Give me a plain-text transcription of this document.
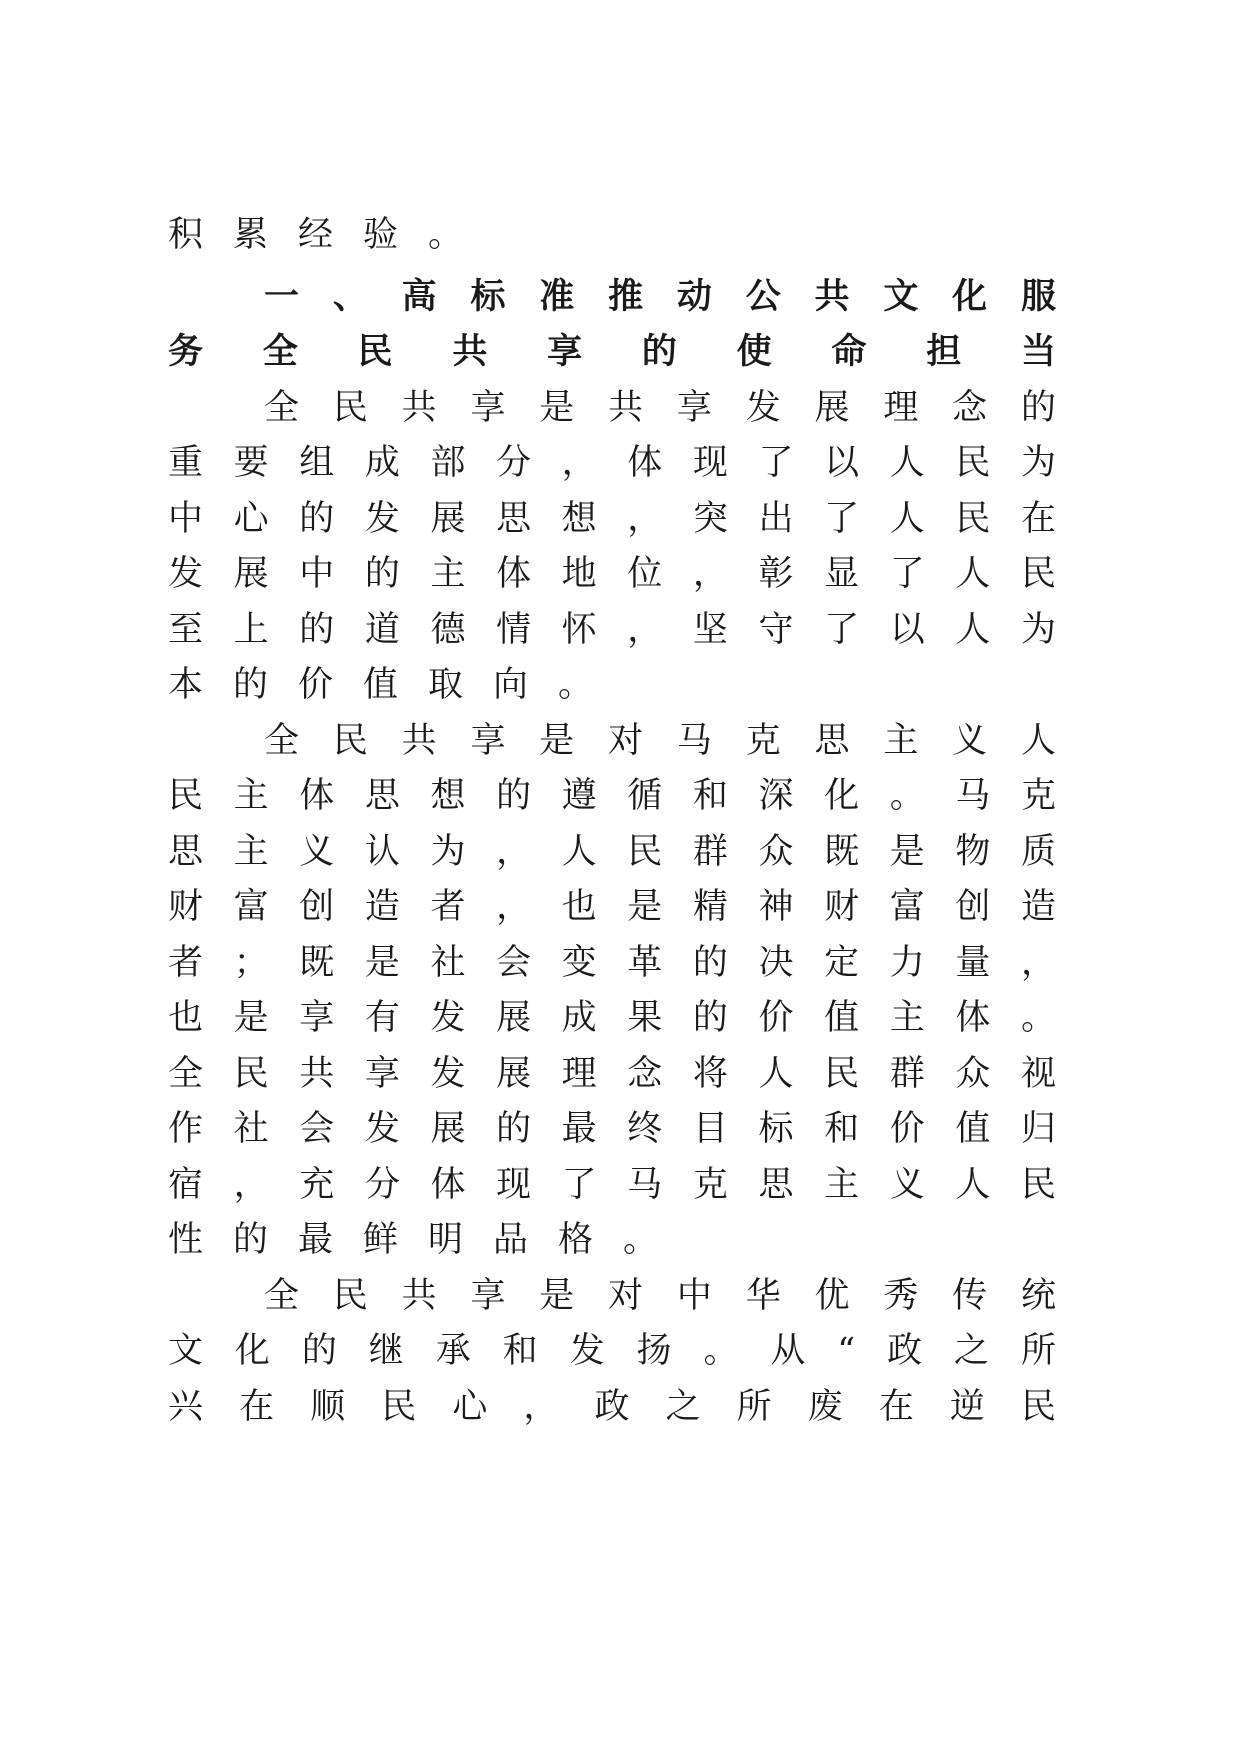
积累经验。

一、高标准推动公共文化服

务全民共享的使命担当

全民共享是共享发展理念的

重要组成部分，体现了以人民为

中心的发展思想，突出了人民在

发展中的主体地位，彰显了人民

至上的道德情怀，坚守了以人为

本的价值取向。

全民共享是对马克思主义人

民主体思想的遵循和深化。马克

思主义认为，人民群众既是物质

财富创造者，也是精神财富创造

者；既是社会变革的决定力量，

也是享有发展成果的价值主体。

全民共享发展理念将人民群众视

作社会发展的最终目标和价值归

宿，充分体现了马克思主义人民

性的最鲜明品格。

全民共享是对中华优秀传统

文化的继承和发扬。从“政之所

兴在顺民心，政之所废在逆民
